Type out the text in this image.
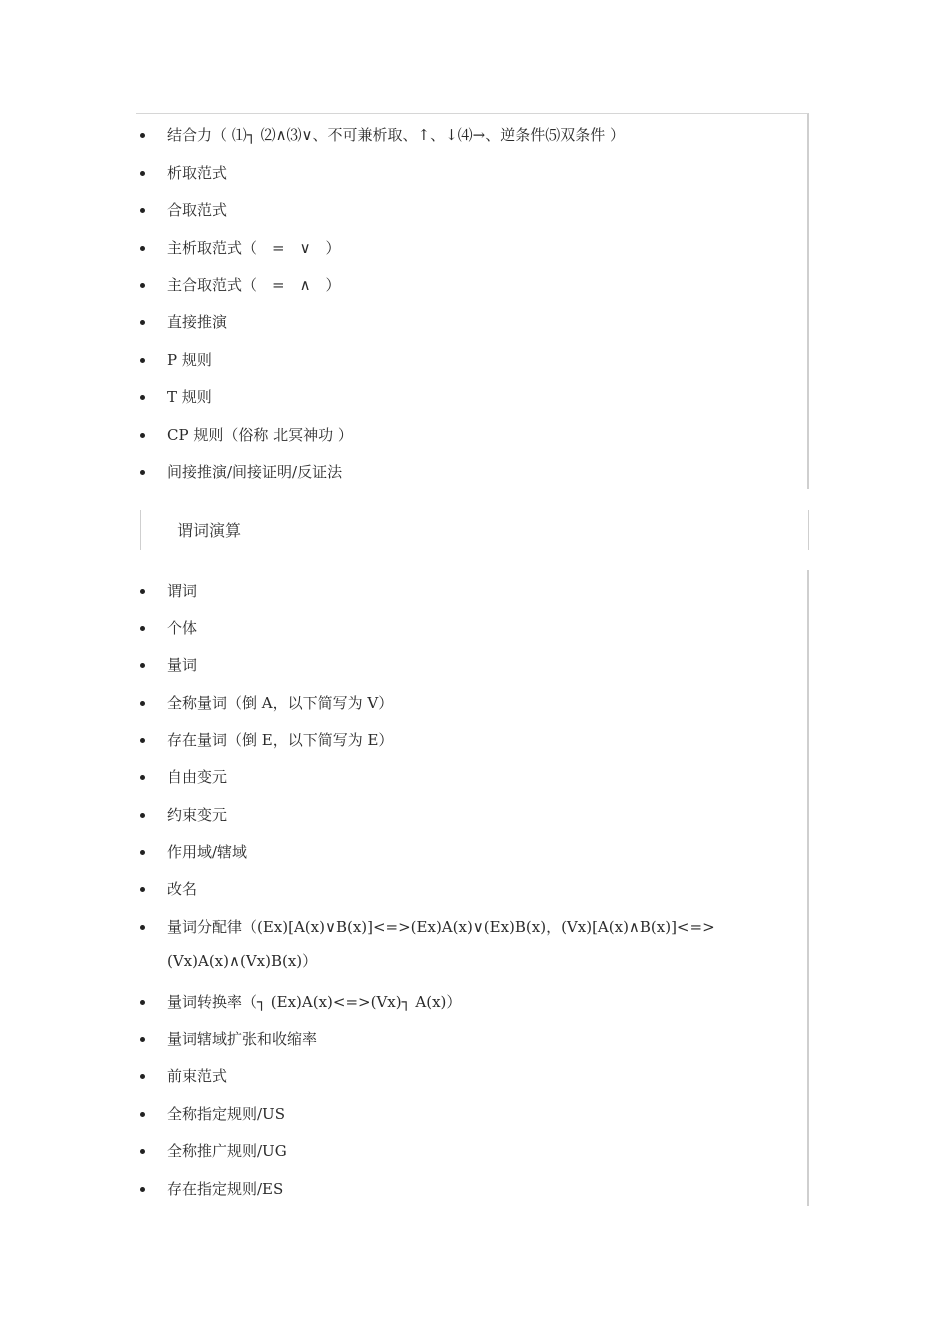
结合力（ ⑴┐ ⑵∧⑶∨、不可兼析取、↑、↓⑷→、逆条件⑸双条件 ）
析取范式
合取范式
主析取范式（　=　∨　）
主合取范式（　=　∧　）
直接推演
P 规则
T 规则
CP 规则（俗称 北冥神功 ）
间接推演/间接证明/反证法
谓词演算
谓词
个体
量词
全称量词（倒 A，以下简写为 V）
存在量词（倒 E，以下简写为 E）
自由变元
约束变元
作用域/辖域
改名
量词分配律（(Ex)[A(x)∨B(x)]<=>(Ex)A(x)∨(Ex)B(x)，(Vx)[A(x)∧B(x)]<=>(Vx)A(x)∧(Vx)B(x)）
量词转换率（┐ (Ex)A(x)<=>(Vx)┐ A(x)）
量词辖域扩张和收缩率
前束范式
全称指定规则/US
全称推广规则/UG
存在指定规则/ES
